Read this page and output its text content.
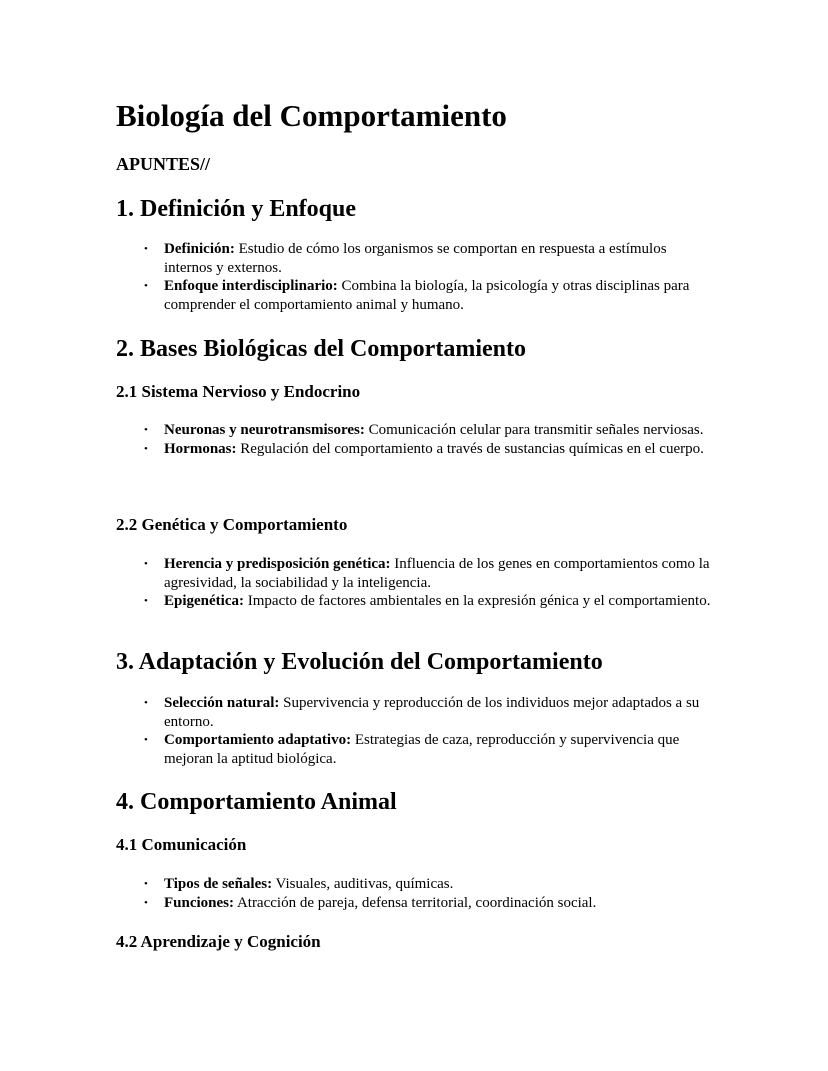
Biología del Comportamiento

APUNTES//

1. Definición y Enfoque
• Definición: Estudio de cómo los organismos se comportan en respuesta a estímulos internos y externos.
• Enfoque interdisciplinario: Combina la biología, la psicología y otras disciplinas para comprender el comportamiento animal y humano.
2. Bases Biológicas del Comportamiento
2.1 Sistema Nervioso y Endocrino
• Neuronas y neurotransmisores: Comunicación celular para transmitir señales nerviosas.
• Hormonas: Regulación del comportamiento a través de sustancias químicas en el cuerpo.
2.2 Genética y Comportamiento
• Herencia y predisposición genética: Influencia de los genes en comportamientos como la agresividad, la sociabilidad y la inteligencia.
• Epigenética: Impacto de factores ambientales en la expresión génica y el comportamiento.
3. Adaptación y Evolución del Comportamiento
• Selección natural: Supervivencia y reproducción de los individuos mejor adaptados a su entorno.
• Comportamiento adaptativo: Estrategias de caza, reproducción y supervivencia que mejoran la aptitud biológica.
4. Comportamiento Animal
4.1 Comunicación
• Tipos de señales: Visuales, auditivas, químicas.
• Funciones: Atracción de pareja, defensa territorial, coordinación social.
4.2 Aprendizaje y Cognición
